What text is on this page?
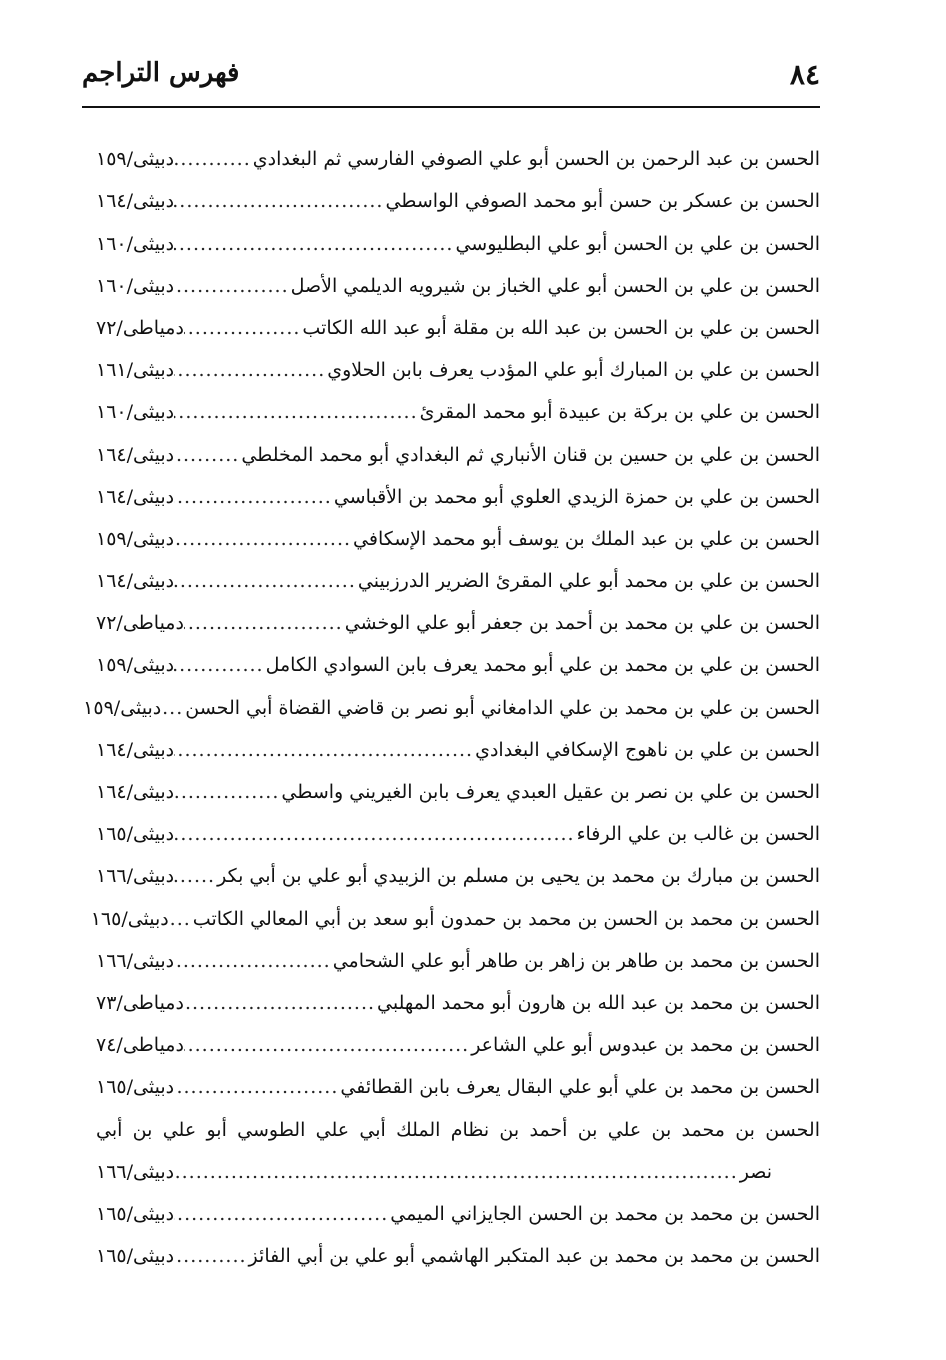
٨٤
فهرس التراجم
الحسن بن عبد الرحمن بن الحسن أبو علي الصوفي الفارسي ثم البغدادي
.....
دبيثى/١٥٩
الحسن بن عسكر بن حسن أبو محمد الصوفي الواسطي
.....
دبيثى/١٦٤
الحسن بن علي بن الحسن أبو علي البطليوسي
.....
دبيثى/١٦٠
الحسن بن علي بن الحسن أبو علي الخباز بن شيرويه الديلمي الأصل
.....
دبيثى/١٦٠
الحسن بن علي بن الحسن بن عبد الله بن مقلة أبو عبد الله الكاتب
.....
دمياطى/٧٢
الحسن بن علي بن المبارك أبو علي المؤدب يعرف بابن الحلاوي
.....
دبيثى/١٦١
الحسن بن علي بن بركة بن عبيدة أبو محمد المقرئ
.....
دبيثى/١٦٠
الحسن بن علي بن حسين بن قنان الأنباري ثم البغدادي أبو محمد المخلطي
.....
دبيثى/١٦٤
الحسن بن علي بن حمزة الزيدي العلوي أبو محمد بن الأقباسي
.....
دبيثى/١٦٤
الحسن بن علي بن عبد الملك بن يوسف أبو محمد الإسكافي
.....
دبيثى/١٥٩
الحسن بن علي بن محمد أبو علي المقرئ الضرير الدرزبيني
.....
دبيثى/١٦٤
الحسن بن علي بن محمد بن أحمد بن جعفر أبو علي الوخشي
.....
دمياطى/٧٢
الحسن بن علي بن محمد بن علي أبو محمد يعرف بابن السوادي الكامل
.....
دبيثى/١٥٩
الحسن بن علي بن محمد بن علي الدامغاني أبو نصر بن قاضي القضاة أبي الحسن
.....
دبيثى/١٥٩
الحسن بن علي بن ناهوج الإسكافي البغدادي
.....
دبيثى/١٦٤
الحسن بن علي بن نصر بن عقيل العبدي يعرف بابن الغيريني واسطي
.....
دبيثى/١٦٤
الحسن بن غالب بن علي الرفاء
.....
دبيثى/١٦٥
الحسن بن مبارك بن محمد بن يحيى بن مسلم بن الزبيدي أبو علي بن أبي بكر
.....
دبيثى/١٦٦
الحسن بن محمد بن الحسن بن محمد بن حمدون أبو سعد بن أبي المعالي الكاتب
.....
دبيثى/١٦٥
الحسن بن محمد بن طاهر بن زاهر بن طاهر أبو علي الشحامي
.....
دبيثى/١٦٦
الحسن بن محمد بن عبد الله بن هارون أبو محمد المهلبي
.....
دمياطى/٧٣
الحسن بن محمد بن عبدوس أبو علي الشاعر
.....
دمياطى/٧٤
الحسن بن محمد بن علي أبو علي البقال يعرف بابن القطائفي
.....
دبيثى/١٦٥
الحسن بن محمد بن علي بن أحمد بن نظام الملك أبي علي الطوسي أبو علي بن أبي
نصر
.....
دبيثى/١٦٦
الحسن بن محمد بن محمد بن الحسن الجايزاني الميمي
.....
دبيثى/١٦٥
الحسن بن محمد بن محمد بن عبد المتكبر الهاشمي أبو علي بن أبي الفائز
.....
دبيثى/١٦٥
